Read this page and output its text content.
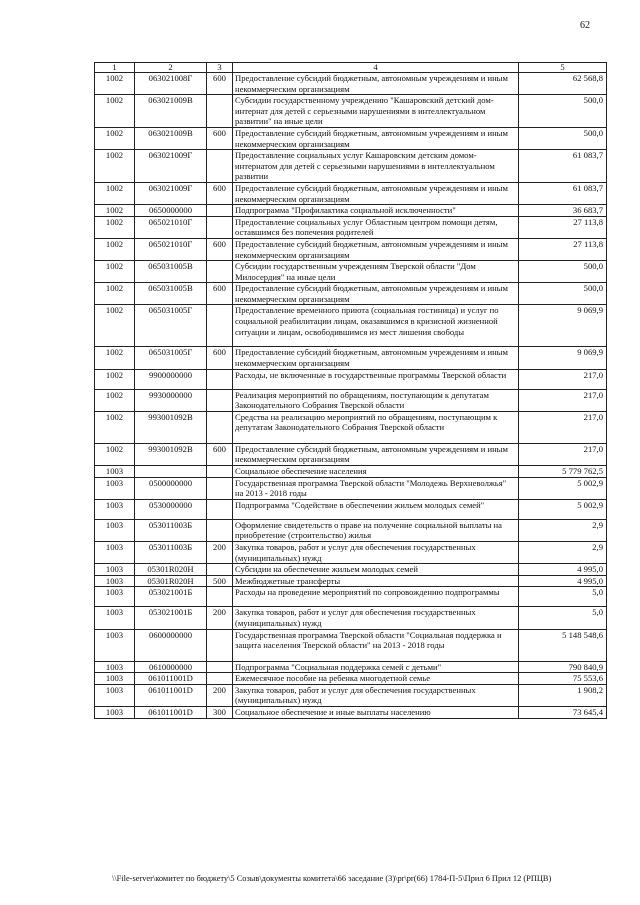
62
1	2	3	4	5
1002	063021008Г	600	Предоставление субсидий бюджетным, автономным учреждениям и иным некоммерческим организациям	62 568,8
1002	063021009В		Субсидии государственному учреждению "Кашаровский детский дом-интернат для детей с серьезными нарушениями в интеллектуальном развитии" на иные цели	500,0
1002	063021009В	600	Предоставление субсидий бюджетным, автономным учреждениям и иным некоммерческим организациям	500,0
1002	063021009Г		Предоставление социальных услуг Кашаровским детским домом-интернатом для детей с серьезными нарушениями в интеллектуальном развитии	61 083,7
1002	063021009Г	600	Предоставление субсидий бюджетным, автономным учреждениям и иным некоммерческим организациям	61 083,7
1002	0650000000		Подпрограмма "Профилактика социальной исключенности"	36 683,7
1002	065021010Г		Предоставление социальных услуг Областным центром помощи детям, оставшимся без попечения родителей	27 113,8
1002	065021010Г	600	Предоставление субсидий бюджетным, автономным учреждениям и иным некоммерческим организациям	27 113,8
1002	065031005В		Субсидии государственным учреждениям Тверской области "Дом Милосердия" на иные цели	500,0
1002	065031005В	600	Предоставление субсидий бюджетным, автономным учреждениям и иным некоммерческим организациям	500,0
1002	065031005Г		Предоставление временного приюта (социальная гостиница) и услуг по социальной реабилитации лицам, оказавшимся в кризисной жизненной ситуации и лицам, освободившимся из мест лишения свободы	9 069,9
1002	065031005Г	600	Предоставление субсидий бюджетным, автономным учреждениям и иным некоммерческим организациям	9 069,9
1002	9900000000		Расходы, не включенные в государственные программы Тверской области	217,0
1002	9930000000		Реализация мероприятий по обращениям, поступающим к депутатам Законодательного Собрания Тверской области	217,0
1002	993001092В		Средства на реализацию мероприятий по обращениям, поступающим к депутатам Законодательного Собрания Тверской области	217,0
1002	993001092В	600	Предоставление субсидий бюджетным, автономным учреждениям и иным некоммерческим организациям	217,0
1003			Социальное обеспечение населения	5 779 762,5
1003	0500000000		Государственная программа Тверской области "Молодежь Верхневолжья" на 2013 - 2018 годы	5 002,9
1003	0530000000		Подпрограмма "Содействие в обеспечении жильем молодых семей"	5 002,9
1003	053011003Б		Оформление свидетельств о праве на получение социальной выплаты на приобретение (строительство) жилья	2,9
1003	053011003Б	200	Закупка товаров, работ и услуг для обеспечения государственных (муниципальных) нужд	2,9
1003	05301R020Н		Субсидии на обеспечение жильем молодых семей	4 995,0
1003	05301R020Н	500	Межбюджетные трансферты	4 995,0
1003	053021001Б		Расходы на проведение мероприятий по сопровождению подпрограммы	5,0
1003	053021001Б	200	Закупка товаров, работ и услуг для обеспечения государственных (муниципальных) нужд	5,0
1003	0600000000		Государственная программа Тверской области "Социальная поддержка и защита населения Тверской области" на 2013 - 2018 годы	5 148 548,6
1003	0610000000		Подпрограмма "Социальная поддержка семей с детьми"	790 840,9
1003	061011001D		Ежемесячное пособие на ребенка многодетной семье	75 553,6
1003	061011001D	200	Закупка товаров, работ и услуг для обеспечения государственных (муниципальных) нужд	1 908,2
1003	061011001D	300	Социальное обеспечение и иные выплаты населению	73 645,4
\\File-server\комитет по бюджету\5 Созыв\документы комитета\66 заседание (3)\pr\pr(66) 1784-П-5\Прил 6 Прил 12 (РПЦВ)
